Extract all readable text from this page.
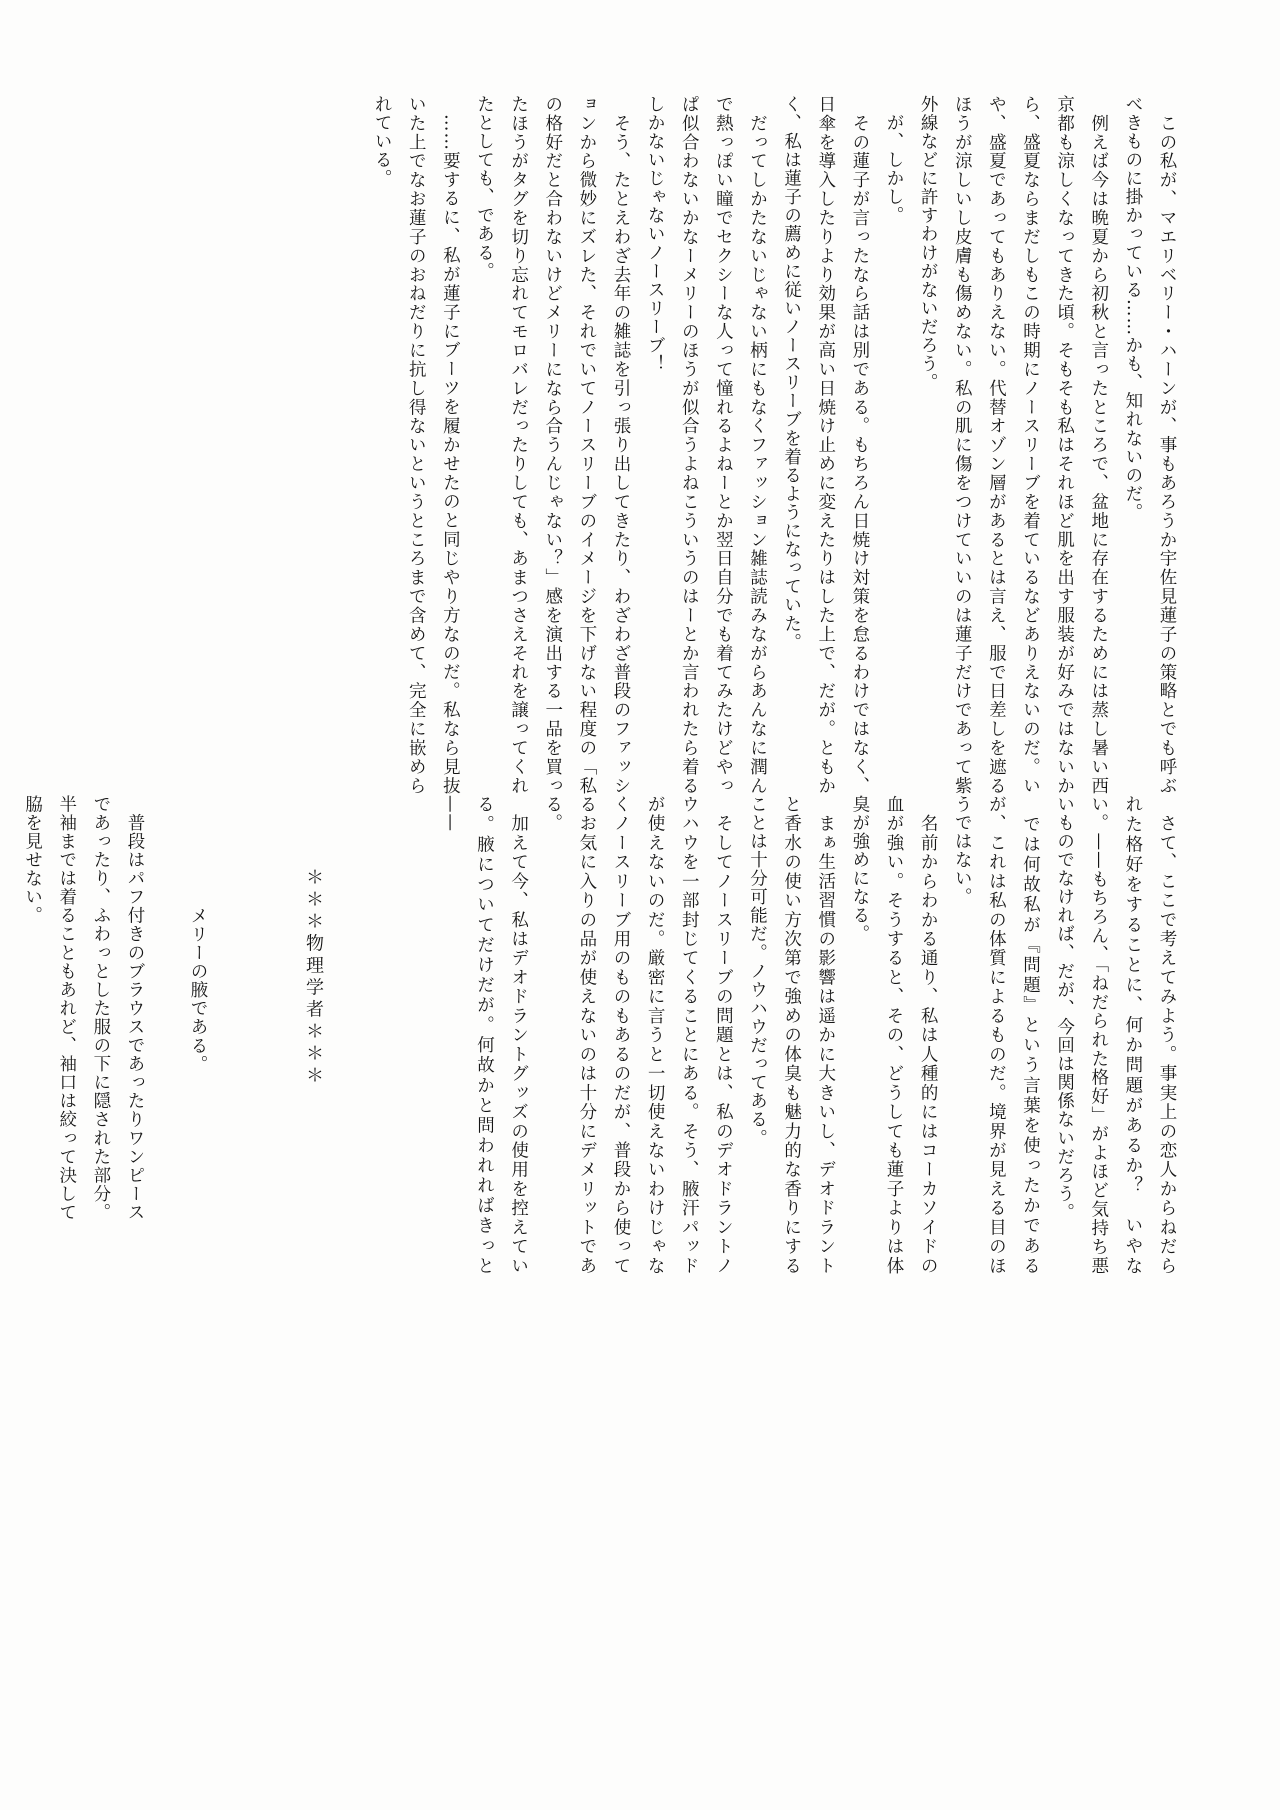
　この私が、マエリベリー・ハーンが、事もあろうか宇佐見蓮子の策略とでも呼ぶべきものに掛かっている……かも、知れないのだ。
　例えば今は晩夏から初秋と言ったところで、盆地に存在するためには蒸し暑い西京都も涼しくなってきた頃。そもそも私はそれほど肌を出す服装が好みではないから、盛夏ならまだしもこの時期にノースリーブを着ているなどありえないのだ。いや、盛夏であってもありえない。代替オゾン層があるとは言え、服で日差しを遮るほうが涼しいし皮膚も傷めない。私の肌に傷をつけていいのは蓮子だけであって紫外線などに許すわけがないだろう。
　が、しかし。
　その蓮子が言ったなら話は別である。もちろん日焼け対策を怠るわけではなく、日傘を導入したりより効果が高い日焼け止めに変えたりはした上で、だが。ともかく、私は蓮子の薦めに従いノースリーブを着るようになっていた。
　だってしかたないじゃない柄にもなくファッション雑誌読みながらあんなに潤んで熱っぽい瞳でセクシーな人って憧れるよねーとか翌日自分でも着てみたけどやっぱ似合わないかなーメリーのほうが似合うよねこういうのはーとか言われたら着るしかないじゃないノースリーブ！
　そう、たとえわざ去年の雑誌を引っ張り出してきたり、わざわざ普段のファッションから微妙にズレた、それでいてノースリーブのイメージを下げない程度の「私の格好だと合わないけどメリーになら合うんじゃない？」感を演出する一品を買ったほうがタグを切り忘れてモロバレだったりしても、あまつさえそれを譲ってくれたとしても、である。
　……要するに、私が蓮子にブーツを履かせたのと同じやり方なのだ。私なら見抜いた上でなお蓮子のおねだりに抗し得ないというところまで含めて、完全に嵌められている。
　さて、ここで考えてみよう。事実上の恋人からねだられた格好をすることに、何か問題があるか？　いやない。——もちろん、「ねだられた格好」がよほど気持ち悪いものでなければ、だが、今回は関係ないだろう。
　では何故私が『問題』という言葉を使ったかであるが、これは私の体質によるものだ。境界が見える目のほうではない。
　名前からわかる通り、私は人種的にはコーカソイドの血が強い。そうすると、その、どうしても蓮子よりは体臭が強めになる。
　まぁ生活習慣の影響は遥かに大きいし、デオドラントと香水の使い方次第で強めの体臭も魅力的な香りにすることは十分可能だ。ノウハウだってある。
　そしてノースリーブの問題とは、私のデオドラントノウハウを一部封じてくることにある。そう、腋汗パッドが使えないのだ。厳密に言うと一切使えないわけじゃなくノースリーブ用のものもあるのだが、普段から使ってるお気に入りの品が使えないのは十分にデメリットである。
　加えて今、私はデオドラントグッズの使用を控えている。腋についてだけだが。何故かと問われればきっと——
＊＊＊物理学者＊＊＊
　メリーの腋である。
　普段はパフ付きのブラウスであったりワンピースであったり、ふわっとした服の下に隠された部分。半袖までは着ることもあれど、袖口は絞って決して脇を見せない。
